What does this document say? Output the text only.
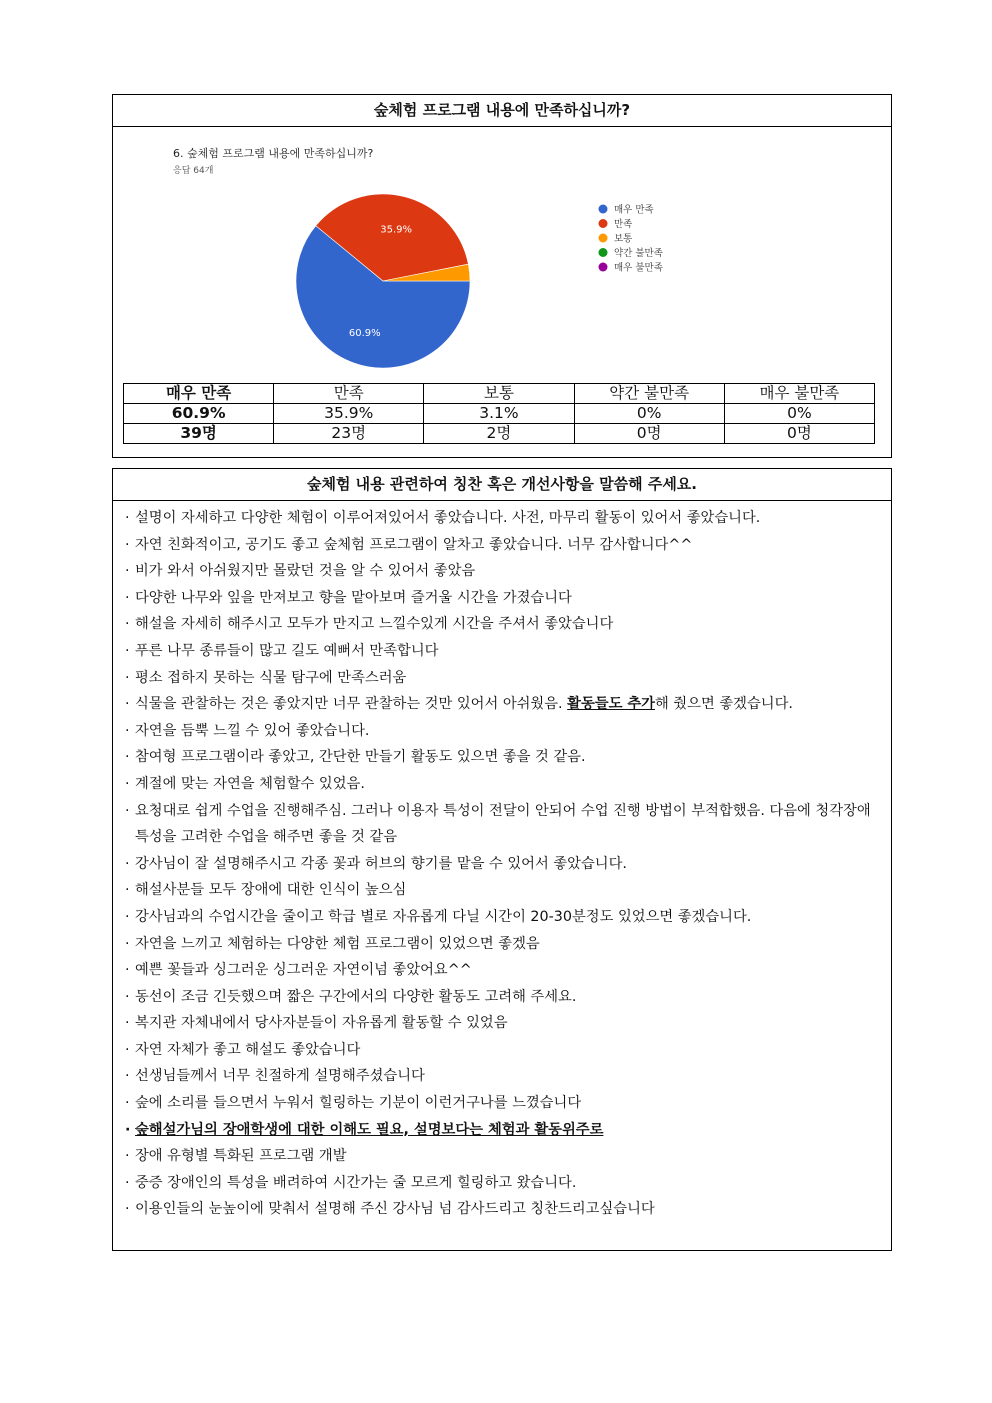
숲체험 프로그램 내용에 만족하십니까?
6. 숲체험 프로그램 내용에 만족하십니까?
응답 64개
60.9%
35.9%
매우 만족
만족
보통
약간 불만족
매우 불만족
매우 만족	만족	보통	약간 불만족	매우 불만족
60.9%	35.9%	3.1%	0%	0%
39명	23명	2명	0명	0명
숲체험 내용 관련하여 칭찬 혹은 개선사항을 말씀해 주세요.
· 설명이 자세하고 다양한 체험이 이루어져있어서 좋았습니다. 사전, 마무리 활동이 있어서 좋았습니다.
· 자연 친화적이고, 공기도 좋고 숲체험 프로그램이 알차고 좋았습니다. 너무 감사합니다^^
· 비가 와서 아쉬웠지만 몰랐던 것을 알 수 있어서 좋았음
· 다양한 나무와 잎을 만져보고 향을 맡아보며 즐거울 시간을 가졌습니다
· 해설을 자세히 해주시고 모두가 만지고 느낄수있게 시간을 주셔서 좋았습니다
· 푸른 나무 종류들이 많고 길도 예뻐서 만족합니다
· 평소 접하지 못하는 식물 탐구에 만족스러움
· 식물을 관찰하는 것은 좋았지만 너무 관찰하는 것만 있어서 아쉬웠음. 활동들도 추가해 줬으면 좋겠습니다.
· 자연을 듬뿍 느낄 수 있어 좋았습니다.
· 참여형 프로그램이라 좋았고, 간단한 만들기 활동도 있으면 좋을 것 같음.
· 계절에 맞는 자연을 체험할수 있었음.
· 요청대로 쉽게 수업을 진행해주심. 그러나 이용자 특성이 전달이 안되어 수업 진행 방법이 부적합했음. 다음에 청각장애 특성을 고려한 수업을 해주면 좋을 것 같음
· 강사님이 잘 설명해주시고 각종 꽃과 허브의 향기를 맡을 수 있어서 좋았습니다.
· 해설사분들 모두 장애에 대한 인식이 높으심
· 강사님과의 수업시간을 줄이고 학급 별로 자유롭게 다닐 시간이 20-30분정도 있었으면 좋겠습니다.
· 자연을 느끼고 체험하는 다양한 체험 프로그램이 있었으면 좋겠음
· 예쁜 꽃들과 싱그러운 싱그러운 자연이넘 좋았어요^^
· 동선이 조금 긴듯했으며 짧은 구간에서의 다양한 활동도 고려해 주세요.
· 복지관 자체내에서 당사자분들이 자유롭게 활동할 수 있었음
· 자연 자체가 좋고 해설도 좋았습니다
· 선생님들께서 너무 친절하게 설명해주셨습니다
· 숲에 소리를 들으면서 누워서 힐링하는 기분이 이런거구나를 느꼈습니다
· 숲해설가님의 장애학생에 대한 이해도 필요, 설명보다는 체험과 활동위주로
· 장애 유형별 특화된 프로그램 개발
· 중증 장애인의 특성을 배려하여 시간가는 줄 모르게 힐링하고 왔습니다.
· 이용인들의 눈높이에 맞춰서 설명해 주신 강사님 넘 감사드리고 칭찬드리고싶습니다
